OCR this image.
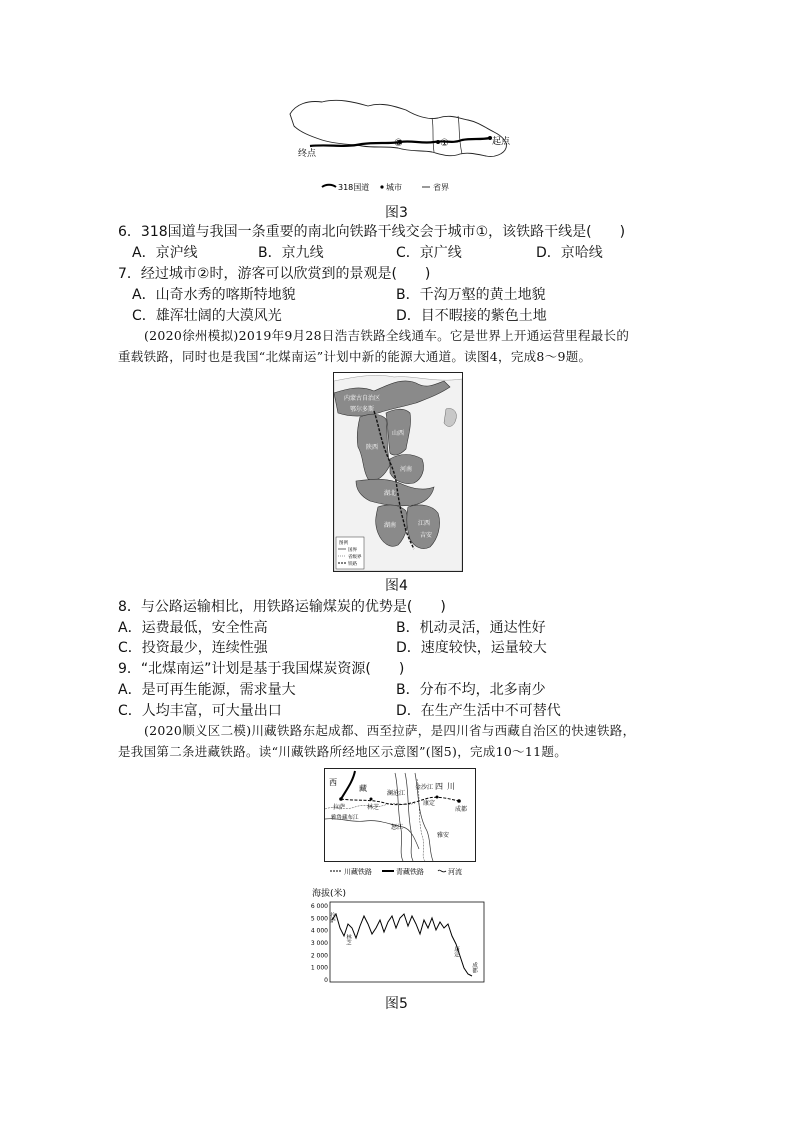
①
②	起点
终点
318国道 城市	省界
图3
6．318国道与我国一条重要的南北向铁路干线交会于城市①，该铁路干线是(　　)
A．京沪线	B．京九线	C．京广线	D．京哈线
7．经过城市②时，游客可以欣赏到的景观是(　　)
A．山奇水秀的喀斯特地貌	B．千沟万壑的黄土地貌
C．雄浑壮阔的大漠风光	D．目不暇接的紫色土地
(2020徐州模拟)2019年9月28日浩吉铁路全线通车。它是世界上开通运营里程最长的
重载铁路，同时也是我国“北煤南运”计划中新的能源大通道。读图4，完成8～9题。
内蒙古自治区
鄂尔多斯
陕西
山西
河南
湖北
湖南	江西
吉安
图例
国界
省级界
铁路
图4
8．与公路运输相比，用铁路运输煤炭的优势是(　　)
A．运费最低，安全性高	B．机动灵活，通达性好
C．投资最少，连续性强	D．速度较快，运量较大
9．“北煤南运”计划是基于我国煤炭资源(　　)
A．是可再生能源，需求量大	B．分布不均，北多南少
C．人均丰富，可大量出口	D．在生产生活中不可替代
(2020顺义区二模)川藏铁路东起成都、西至拉萨，是四川省与西藏自治区的快速铁路，
是我国第二条进藏铁路。读“川藏铁路所经地区示意图”(图5)，完成10～11题。
西
拉萨
藏
林芝
雅鲁藏布江
怒江
澜沧江
金沙江
康定
四 川
成都
雅安
川藏铁路	青藏铁路	河流
海拔(米)
6 000
5 000
4 000
3 000
2 000
1 000
0
拉萨
林芝
康定
成都
图5
